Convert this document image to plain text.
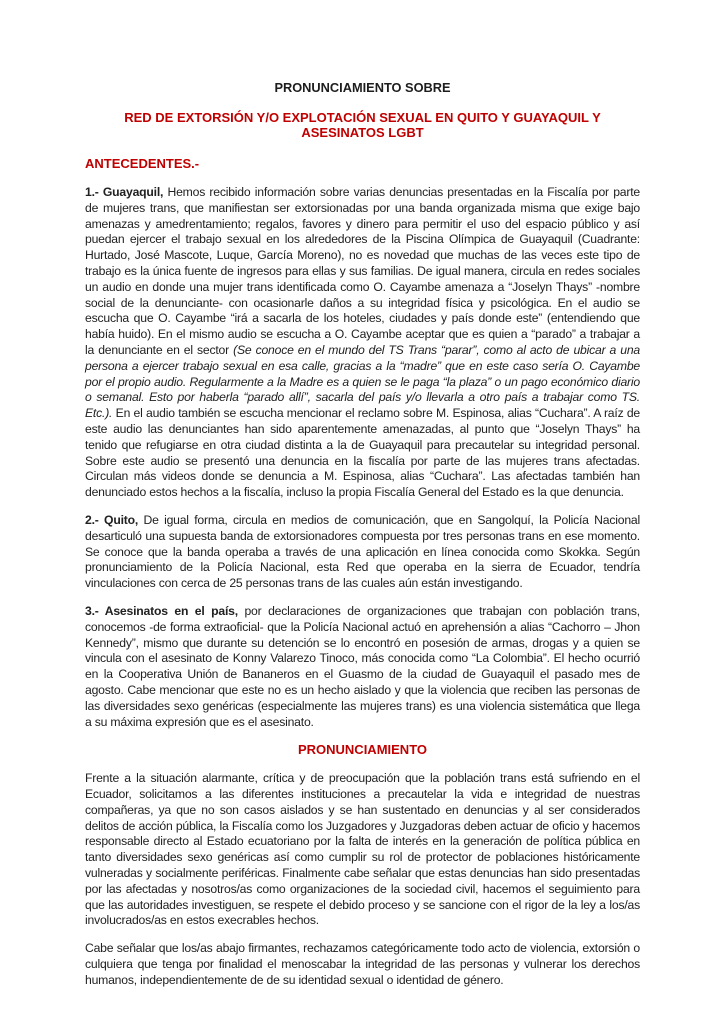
PRONUNCIAMIENTO SOBRE
RED DE EXTORSIÓN Y/O EXPLOTACIÓN SEXUAL EN QUITO Y GUAYAQUIL Y ASESINATOS LGBT
ANTECEDENTES.-

1.- Guayaquil, Hemos recibido información sobre varias denuncias presentadas en la Fiscalía por parte de mujeres trans, que manifiestan ser extorsionadas por una banda organizada misma que exige bajo amenazas y amedrentamiento; regalos, favores y dinero para permitir el uso del espacio público y así puedan ejercer el trabajo sexual en los alrededores de la Piscina Olímpica de Guayaquil (Cuadrante: Hurtado, José Mascote, Luque, García Moreno), no es novedad que muchas de las veces este tipo de trabajo es la única fuente de ingresos para ellas y sus familias. De igual manera, circula en redes sociales un audio en donde una mujer trans identificada como O. Cayambe amenaza a “Joselyn Thays” -nombre social de la denunciante- con ocasionarle daños a su integridad física y psicológica. En el audio se escucha que O. Cayambe “irá a sacarla de los hoteles, ciudades y país donde este” (entendiendo que había huido). En el mismo audio se escucha a O. Cayambe aceptar que es quien a “parado” a trabajar a la denunciante en el sector (Se conoce en el mundo del TS Trans “parar”, como al acto de ubicar a una persona a ejercer trabajo sexual en esa calle, gracias a la “madre” que en este caso sería O. Cayambe por el propio audio. Regularmente a la Madre es a quien se le paga “la plaza” o un pago económico diario o semanal. Esto por haberla “parado allí”, sacarla del país y/o llevarla a otro país a trabajar como TS. Etc.). En el audio también se escucha mencionar el reclamo sobre M. Espinosa, alias “Cuchara”. A raíz de este audio las denunciantes han sido aparentemente amenazadas, al punto que “Joselyn Thays” ha tenido que refugiarse en otra ciudad distinta a la de Guayaquil para precautelar su integridad personal. Sobre este audio se presentó una denuncia en la fiscalía por parte de las mujeres trans afectadas. Circulan más videos donde se denuncia a M. Espinosa, alias “Cuchara”. Las afectadas también han denunciado estos hechos a la fiscalía, incluso la propia Fiscalía General del Estado es la que denuncia.

2.- Quito, De igual forma, circula en medios de comunicación, que en Sangolquí, la Policía Nacional desarticuló una supuesta banda de extorsionadores compuesta por tres personas trans en ese momento. Se conoce que la banda operaba a través de una aplicación en línea conocida como Skokka. Según pronunciamiento de la Policía Nacional, esta Red que operaba en la sierra de Ecuador, tendría vinculaciones con cerca de 25 personas trans de las cuales aún están investigando.

3.- Asesinatos en el país, por declaraciones de organizaciones que trabajan con población trans, conocemos -de forma extraoficial- que la Policía Nacional actuó en aprehensión a alias “Cachorro – Jhon Kennedy”, mismo que durante su detención se lo encontró en posesión de armas, drogas y a quien se vincula con el asesinato de Konny Valarezo Tinoco, más conocida como “La Colombia”. El hecho ocurrió en la Cooperativa Unión de Bananeros en el Guasmo de la ciudad de Guayaquil el pasado mes de agosto. Cabe mencionar que este no es un hecho aislado y que la violencia que reciben las personas de las diversidades sexo genéricas (especialmente las mujeres trans) es una violencia sistemática que llega a su máxima expresión que es el asesinato.

PRONUNCIAMIENTO

Frente a la situación alarmante, crítica y de preocupación que la población trans está sufriendo en el Ecuador, solicitamos a las diferentes instituciones a precautelar la vida e integridad de nuestras compañeras, ya que no son casos aislados y se han sustentado en denuncias y al ser considerados delitos de acción pública, la Fiscalía como los Juzgadores y Juzgadoras deben actuar de oficio y hacemos responsable directo al Estado ecuatoriano por la falta de interés en la generación de política pública en tanto diversidades sexo genéricas así como cumplir su rol de protector de poblaciones históricamente vulneradas y socialmente periféricas. Finalmente cabe señalar que estas denuncias han sido presentadas por las afectadas y nosotros/as como organizaciones de la sociedad civil, hacemos el seguimiento para que las autoridades investiguen, se respete el debido proceso y se sancione con el rigor de la ley a los/as involucrados/as en estos execrables hechos.

Cabe señalar que los/as abajo firmantes, rechazamos categóricamente todo acto de violencia, extorsión o culquiera que tenga por finalidad el menoscabar la integridad de las personas y vulnerar los derechos humanos, independientemente de de su identidad sexual o identidad de género.
